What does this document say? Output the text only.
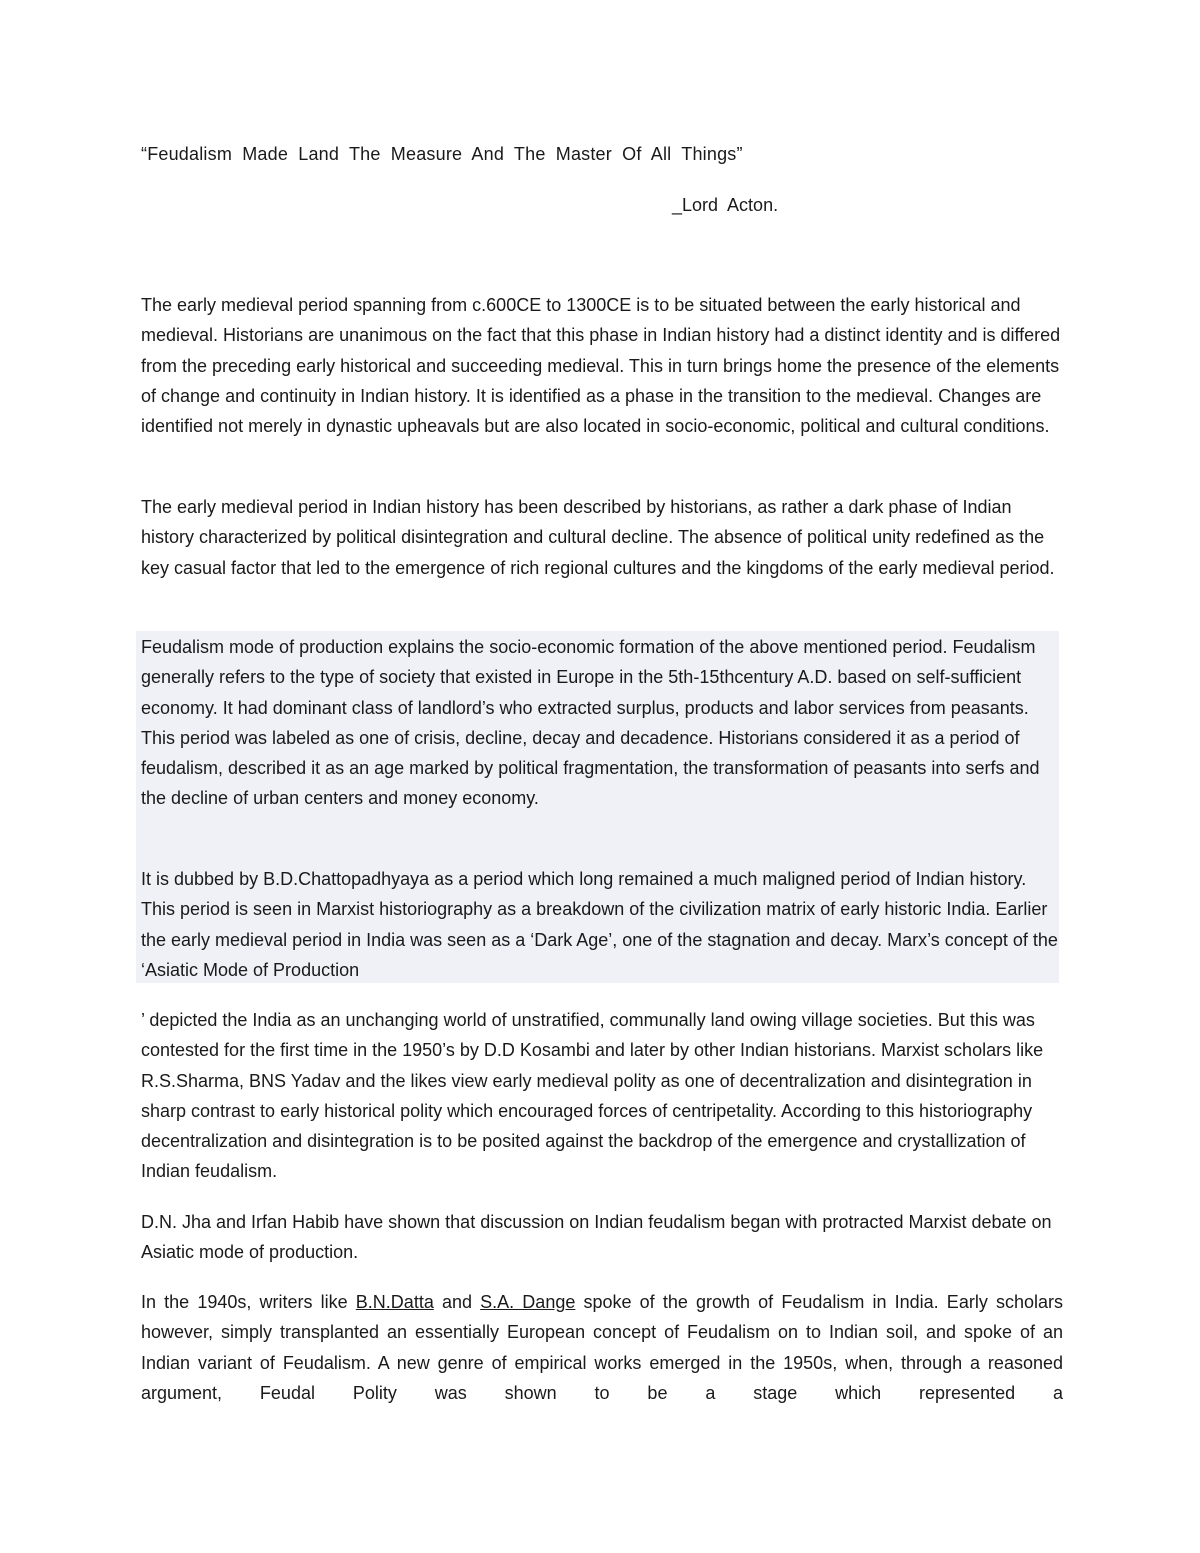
“Feudalism Made Land The Measure And The Master Of All Things”
_Lord Acton.

The early medieval period spanning from c.600CE to 1300CE is to be situated between the early historical and medieval. Historians are unanimous on the fact that this phase in Indian history had a distinct identity and is differed from the preceding early historical and succeeding medieval. This in turn brings home the presence of the elements of change and continuity in Indian history. It is identified as a phase in the transition to the medieval. Changes are identified not merely in dynastic upheavals but are also located in socio-economic, political and cultural conditions.

The early medieval period in Indian history has been described by historians, as rather a dark phase of Indian history characterized by political disintegration and cultural decline. The absence of political unity redefined as the key casual factor that led to the emergence of rich regional cultures and the kingdoms of the early medieval period.

Feudalism mode of production explains the socio-economic formation of the above mentioned period. Feudalism generally refers to the type of society that existed in Europe in the 5th-15thcentury A.D. based on self-sufficient economy. It had dominant class of landlord’s who extracted surplus, products and labor services from peasants. This period was labeled as one of crisis, decline, decay and decadence. Historians considered it as a period of feudalism, described it as an age marked by political fragmentation, the transformation of peasants into serfs and the decline of urban centers and money economy.

It is dubbed by B.D.Chattopadhyaya as a period which long remained a much maligned period of Indian history. This period is seen in Marxist historiography as a breakdown of the civilization matrix of early historic India. Earlier the early medieval period in India was seen as a ‘Dark Age’, one of the stagnation and decay. Marx’s concept of the ‘Asiatic Mode of Production

’ depicted the India as an unchanging world of unstratified, communally land owing village societies. But this was contested for the first time in the 1950’s by D.D Kosambi and later by other Indian historians. Marxist scholars like R.S.Sharma, BNS Yadav and the likes view early medieval polity as one of decentralization and disintegration in sharp contrast to early historical polity which encouraged forces of centripetality. According to this historiography decentralization and disintegration is to be posited against the backdrop of the emergence and crystallization of Indian feudalism.

D.N. Jha and Irfan Habib have shown that discussion on Indian feudalism began with protracted Marxist debate on Asiatic mode of production.

In the 1940s, writers like B.N.Datta and S.A. Dange spoke of the growth of Feudalism in India. Early scholars however, simply transplanted an essentially European concept of Feudalism on to Indian soil, and spoke of an Indian variant of Feudalism. A new genre of empirical works emerged in the 1950s, when, through a reasoned argument, Feudal Polity was shown to be a stage which represented a
